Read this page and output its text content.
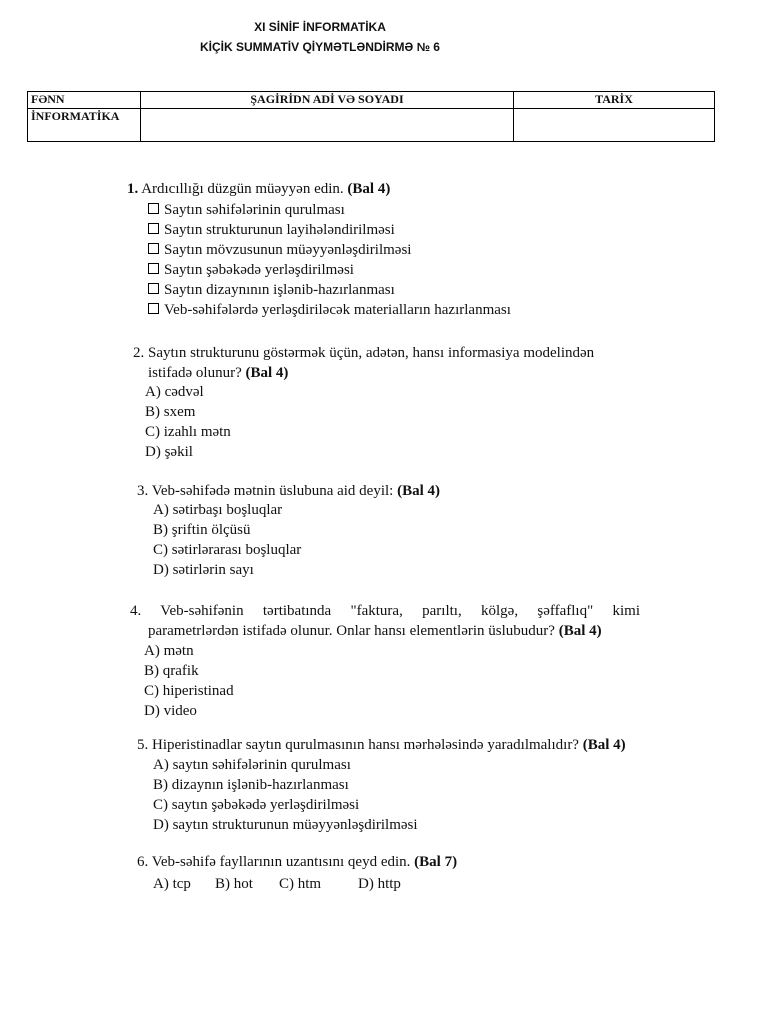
XI SİNİF İNFORMATİKA
KİÇİK SUMMATİV QİYMƏTLƏNDİRMƏ № 6
FƏNN	ŞAGİRİDN ADİ VƏ SOYADI	TARİX
İNFORMATİKA		
1. Ardıcıllığı düzgün müəyyən edin. (Bal 4)
Saytın səhifələrinin qurulması
Saytın strukturunun layihələndirilməsi
Saytın mövzusunun müəyyənləşdirilməsi
Saytın şəbəkədə yerləşdirilməsi
Saytın dizaynının işlənib-hazırlanması
Veb-səhifələrdə yerləşdiriləcək materialların hazırlanması
2. Saytın strukturunu göstərmək üçün, adətən, hansı informasiya modelindən
istifadə olunur? (Bal 4)
A) cədvəl
B) sxem
C) izahlı mətn
D) şəkil
3. Veb-səhifədə mətnin üslubuna aid deyil: (Bal 4)
A) sətirbaşı boşluqlar
B) şriftin ölçüsü
C) sətirlərarası boşluqlar
D) sətirlərin sayı
4. Veb-səhifənin tərtibatında "faktura, parıltı, kölgə, şəffaflıq" kimi
parametrlərdən istifadə olunur. Onlar hansı elementlərin üslubudur? (Bal 4)
A) mətn
B) qrafik
C) hiperistinad
D) video
5. Hiperistinadlar saytın qurulmasının hansı mərhələsində yaradılmalıdır? (Bal 4)
A) saytın səhifələrinin qurulması
B) dizaynın işlənib-hazırlanması
C) saytın şəbəkədə yerləşdirilməsi
D) saytın strukturunun müəyyənləşdirilməsi
6. Veb-səhifə fayllarının uzantısını qeyd edin. (Bal 7)
A) tcp B) hot C) htm D) http
